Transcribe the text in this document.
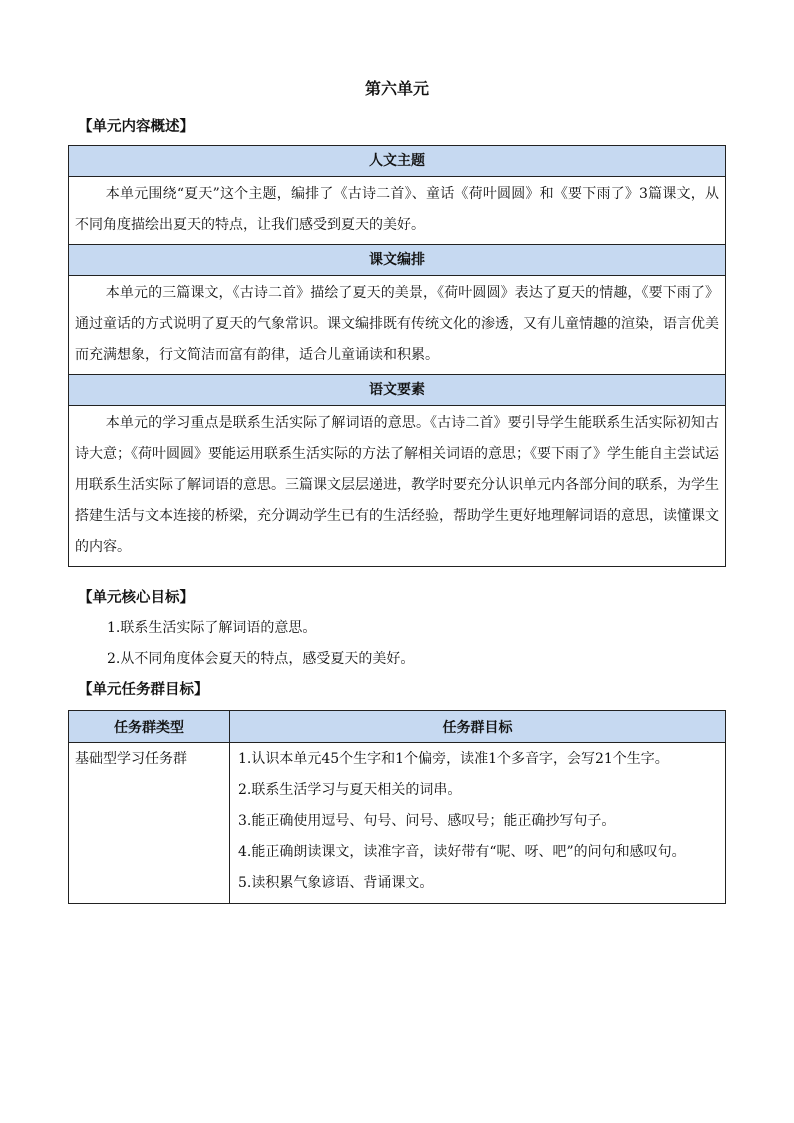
第六单元
【单元内容概述】
人文主题
本单元围绕“夏天”这个主题，编排了《古诗二首》、童话《荷叶圆圆》和《要下雨了》3篇课文，从不同角度描绘出夏天的特点，让我们感受到夏天的美好。
课文编排
本单元的三篇课文，《古诗二首》描绘了夏天的美景，《荷叶圆圆》表达了夏天的情趣，《要下雨了》通过童话的方式说明了夏天的气象常识。课文编排既有传统文化的渗透，又有儿童情趣的渲染，语言优美而充满想象，行文简洁而富有韵律，适合儿童诵读和积累。
语文要素
本单元的学习重点是联系生活实际了解词语的意思。《古诗二首》要引导学生能联系生活实际初知古诗大意；《荷叶圆圆》要能运用联系生活实际的方法了解相关词语的意思；《要下雨了》学生能自主尝试运用联系生活实际了解词语的意思。三篇课文层层递进，教学时要充分认识单元内各部分间的联系，为学生搭建生活与文本连接的桥梁，充分调动学生已有的生活经验，帮助学生更好地理解词语的意思，读懂课文的内容。
【单元核心目标】
1.联系生活实际了解词语的意思。
2.从不同角度体会夏天的特点，感受夏天的美好。
【单元任务群目标】
任务群类型	任务群目标
基础型学习任务群	1.认识本单元45个生字和1个偏旁，读准1个多音字，会写21个生字。
2.联系生活学习与夏天相关的词串。
3.能正确使用逗号、句号、问号、感叹号；能正确抄写句子。
4.能正确朗读课文，读准字音，读好带有“呢、呀、吧”的问句和感叹句。
5.读积累气象谚语、背诵课文。
